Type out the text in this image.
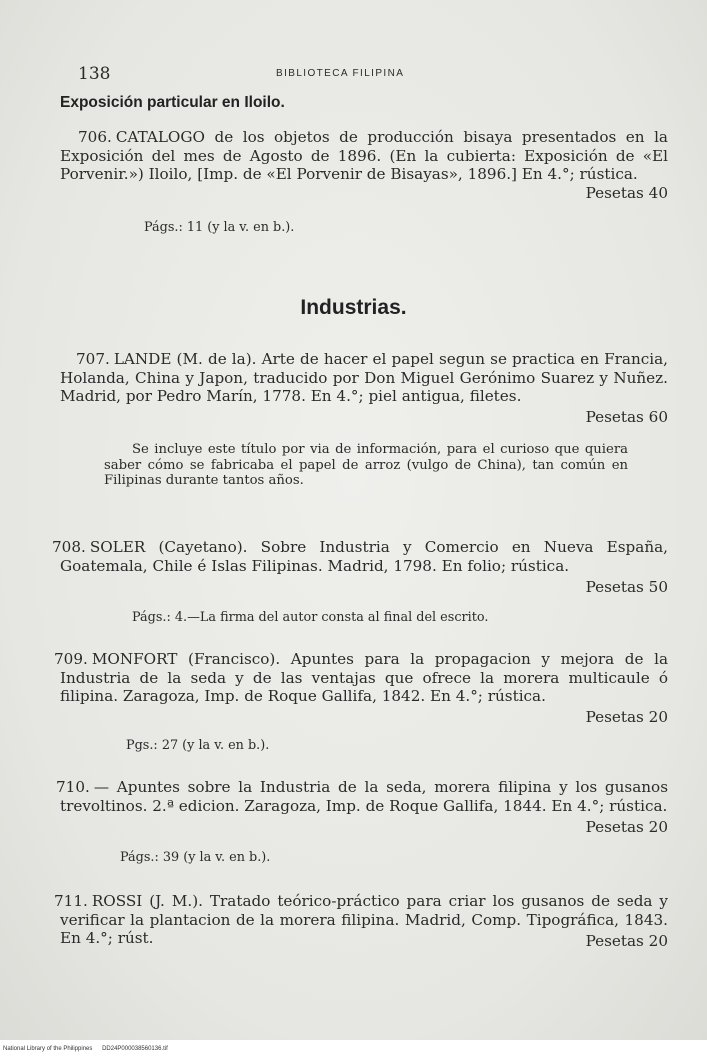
138	BIBLIOTECA FILIPINA
Exposición particular en Iloilo.
706. CATALOGO de los objetos de producción bisaya presentados en la Exposición del mes de Agosto de 1896. (En la cubierta: Exposición de «El Porvenir.») Iloilo, [Imp. de «El Porvenir de Bisayas», 1896.] En 4.°; rústica.
Pesetas 40
Págs.: 11 (y la v. en b.).
Industrias.
707. LANDE (M. de la). Arte de hacer el papel segun se practica en Francia, Holanda, China y Japon, traducido por Don Miguel Gerónimo Suarez y Nuñez. Madrid, por Pedro Marín, 1778. En 4.°; piel antigua, filetes.
Pesetas 60
Se incluye este título por via de información, para el curioso que quiera saber cómo se fabricaba el papel de arroz (vulgo de China), tan común en Filipinas durante tantos años.
708. SOLER (Cayetano). Sobre Industria y Comercio en Nueva España, Goatemala, Chile é Islas Filipinas. Madrid, 1798. En folio; rústica.
Pesetas 50
Págs.: 4.—La firma del autor consta al final del escrito.
709. MONFORT (Francisco). Apuntes para la propagacion y mejora de la Industria de la seda y de las ventajas que ofrece la morera multicaule ó filipina. Zaragoza, Imp. de Roque Gallifa, 1842. En 4.°; rústica.
Pesetas 20
Pgs.: 27 (y la v. en b.).
710. — Apuntes sobre la Industria de la seda, morera filipina y los gusanos trevoltinos. 2.ª edicion. Zaragoza, Imp. de Roque Gallifa, 1844. En 4.°; rústica.
Pesetas 20
Págs.: 39 (y la v. en b.).
711. ROSSI (J. M.). Tratado teórico-práctico para criar los gusanos de seda y verificar la plantacion de la morera filipina. Madrid, Comp. Tipográfica, 1843. En 4.°; rúst.	Pesetas 20
National Library of the Philippines DD24P000038560136.tif
